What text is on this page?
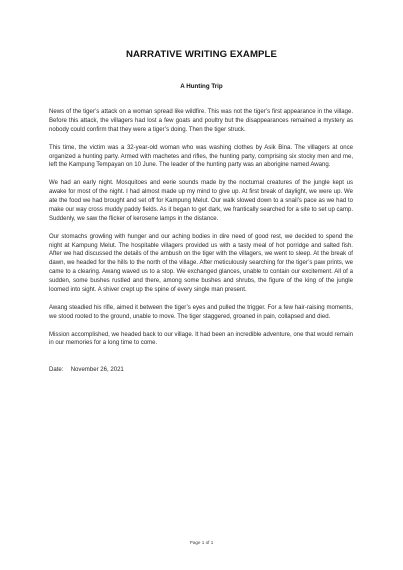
NARRATIVE WRITING EXAMPLE
A Hunting Trip

News of the tiger’s attack on a woman spread like wildfire. This was not the tiger’s first appearance in the village. Before this attack, the villagers had lost a few goats and poultry but the disappearances remained a mystery as nobody could confirm that they were a tiger’s doing. Then the tiger struck.

This time, the victim was a 32-year-old woman who was washing clothes by Asik Bina. The villagers at once organized a hunting party. Armed with machetes and rifles, the hunting party, comprising six stocky men and me, left the Kampung Tempayan on 10 June. The leader of the hunting party was an aborigine named Awang.

We had an early night. Mosquitoes and eerie sounds made by the nocturnal creatures of the jungle kept us awake for most of the night. I had almost made up my mind to give up. At first break of daylight, we were up. We ate the food we had brought and set off for Kampung Melut. Our walk slowed down to a snail’s pace as we had to make our way cross muddy paddy fields. As it began to get dark, we frantically searched for a site to set up camp. Suddenly, we saw the flicker of kerosene lamps in the distance.

Our stomachs growling with hunger and our aching bodies in dire need of good rest, we decided to spend the night at Kampung Melut. The hospitable villagers provided us with a tasty meal of hot porridge and salted fish. After we had discussed the details of the ambush on the tiger with the villagers, we went to sleep. At the break of dawn, we headed for the hills to the north of the village. After meticulously searching for the tiger’s paw prints, we came to a clearing. Awang waved us to a stop. We exchanged glances, unable to contain our excitement. All of a sudden, some bushes rustled and there, among some bushes and shrubs, the figure of the king of the jungle loomed into sight. A shiver crept up the spine of every single man present.

Awang steadied his rifle, aimed it between the tiger’s eyes and pulled the trigger. For a few hair-raising moments, we stood rooted to the ground, unable to move. The tiger staggered, groaned in pain, collapsed and died.

Mission accomplished, we headed back to our village. It had been an incredible adventure, one that would remain in our memories for a long time to come.

Date: November 26, 2021
Page 1 of 1
